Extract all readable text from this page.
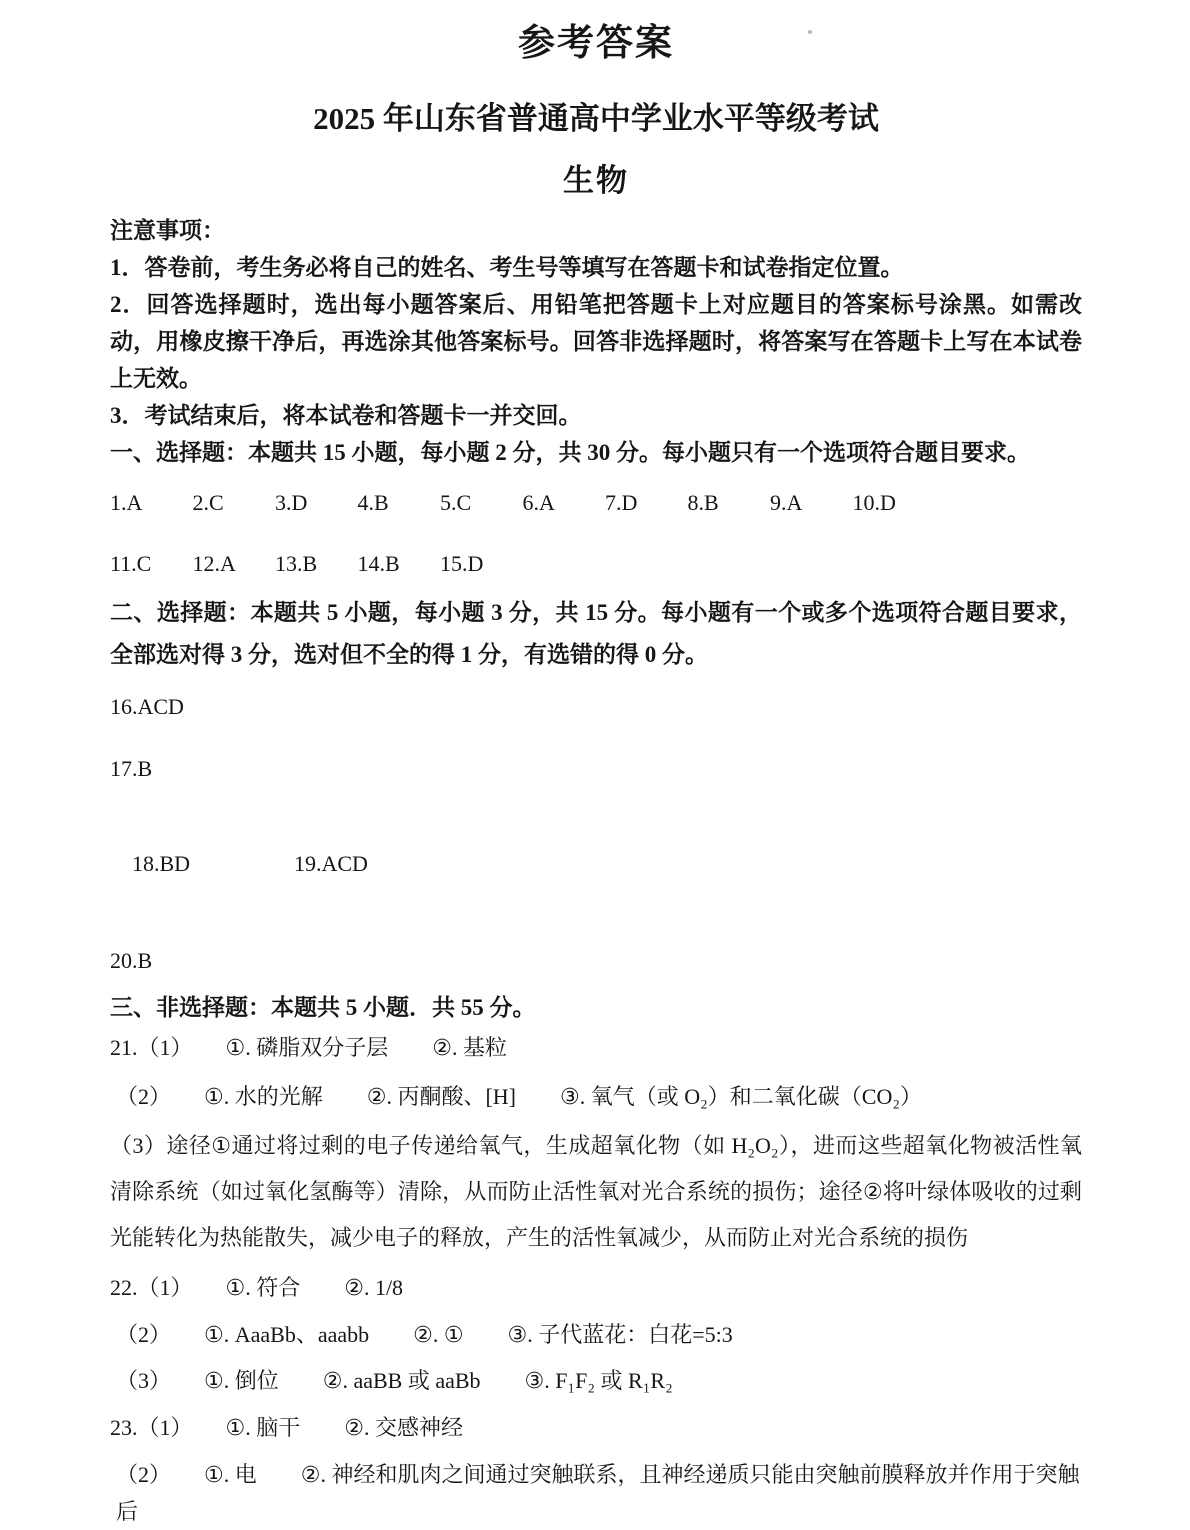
参考答案
2025 年山东省普通高中学业水平等级考试
生物

注意事项：

1．答卷前，考生务必将自己的姓名、考生号等填写在答题卡和试卷指定位置。

2．回答选择题时，选出每小题答案后、用铅笔把答题卡上对应题目的答案标号涂黑。如需改动，用橡皮擦干净后，再选涂其他答案标号。回答非选择题时，将答案写在答题卡上写在本试卷上无效。

3．考试结束后，将本试卷和答题卡一并交回。

一、选择题：本题共 15 小题，每小题 2 分，共 30 分。每小题只有一个选项符合题目要求。

1.A 2.C 3.D 4.B 5.C 6.A 7.D 8.B 9.A 10.D
11.C 12.A 13.B 14.B 15.D

二、选择题：本题共 5 小题，每小题 3 分，共 15 分。每小题有一个或多个选项符合题目要求，全部选对得 3 分，选对但不全的得 1 分，有选错的得 0 分。

16.ACD

17.B

18.BD	19.ACD

20.B

三、非选择题：本题共 5 小题．共 55 分。

21.（1）　　①. 磷脂双分子层　　②. 基粒

（2）　　①. 水的光解　　②. 丙酮酸、[H]　　③. 氧气（或 O₂）和二氧化碳（CO₂）

（3）途径①通过将过剩的电子传递给氧气，生成超氧化物（如 H₂O₂），进而这些超氧化物被活性氧清除系统（如过氧化氢酶等）清除，从而防止活性氧对光合系统的损伤；途径②将叶绿体吸收的过剩光能转化为热能散失，减少电子的释放，产生的活性氧减少，从而防止对光合系统的损伤

22.（1）　　①. 符合　　②. 1/8

（2）　　①. AaaBb、aaabb　　②. ①　　③. 子代蓝花：白花=5:3

（3）　　①. 倒位　　②. aaBB 或 aaBb　　③. F₁F₂ 或 R₁R₂

23.（1）　　①. 脑干　　②. 交感神经

（2）　　①. 电　　②. 神经和肌肉之间通过突触联系，且神经递质只能由突触前膜释放并作用于突触后
